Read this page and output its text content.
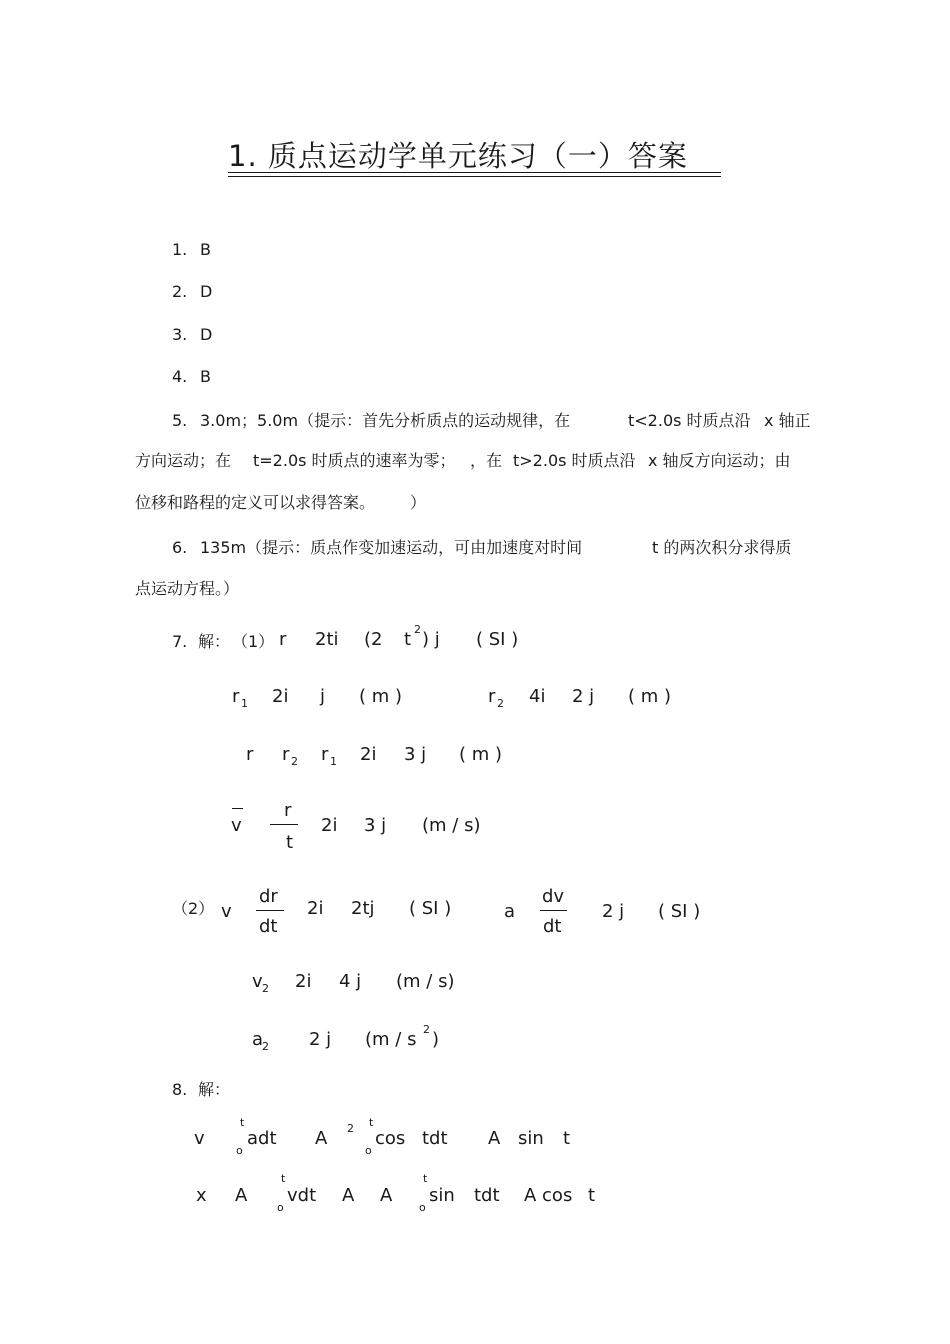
1. 质点运动学单元练习（一）答案
1. B
2. D
3. D
4. B
5. 3.0m；5.0m（提示：首先分析质点的运动规律，在	t<2.0s 时质点沿 x 轴正
方向运动；在 t=2.0s 时质点的速率为零； ，在 t>2.0s 时质点沿 x 轴反方向运动；由
位移和路程的定义可以求得答案。 ）
6. 135m（提示：质点作变加速运动，可由加速度对时间	t 的两次积分求得质
点运动方程。）
7. 解： （1） r 2ti (2 t 2 ) j ( SI )
r 1 2i j ( m )	r 2 4i 2 j ( m )
r r 2 r 1 2i 3 j ( m )
v
r
t
2i 3 j (m / s)
（2） v
dr
dt
2i 2tj ( SI )	a
dv
dt
2 j ( SI )
v 2 2i 4 j (m / s)
a
2 2 j (m / s 2 )
8. 解：
v
t
o
adt A 2 t
o
cos tdt A sin t
x A
t
o
vdt A A
t
o
sin tdt A cos t
